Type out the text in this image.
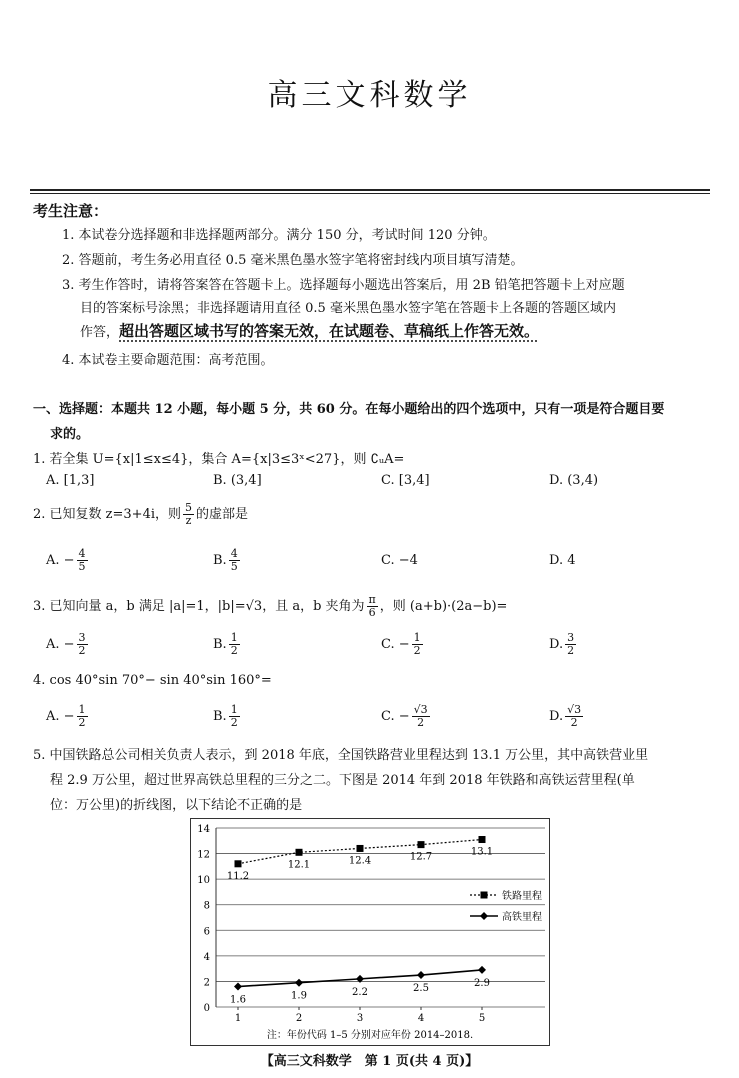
高三文科数学
考生注意：
1. 本试卷分选择题和非选择题两部分。满分 150 分，考试时间 120 分钟。
2. 答题前，考生务必用直径 0.5 毫米黑色墨水签字笔将密封线内项目填写清楚。
3. 考生作答时，请将答案答在答题卡上。选择题每小题选出答案后，用 2B 铅笔把答题卡上对应题
目的答案标号涂黑；非选择题请用直径 0.5 毫米黑色墨水签字笔在答题卡上各题的答题区域内
作答，超出答题区域书写的答案无效，在试题卷、草稿纸上作答无效。
4. 本试卷主要命题范围：高考范围。
一、选择题：本题共 12 小题，每小题 5 分，共 60 分。在每小题给出的四个选项中，只有一项是符合题目要
求的。
1. 若全集 U={x|1≤x≤4}，集合 A={x|3≤3ˣ<27}，则 ∁ᵤA=
A. [1,3]	B. (3,4]	C. [3,4]	D. (3,4)
2. 已知复数 z=3+4i，则 $\frac{5}{z}$ 的虚部是
A. − $\frac{4}{5}$	B. $\frac{4}{5}$	C. −4	D. 4
3. 已知向量 a，b 满足 |a|=1，|b|=√3，且 a，b 夹角为 $\frac{\pi}{6}$ ，则 (a+b)·(2a−b)=
A. − $\frac{3}{2}$	B. $\frac{1}{2}$	C. − $\frac{1}{2}$	D. $\frac{3}{2}$
4. cos 40°sin 70°− sin 40°sin 160°=
A. − $\frac{1}{2}$	B. $\frac{1}{2}$	C. − $\frac{√3}{2}$	D. $\frac{√3}{2}$
5. 中国铁路总公司相关负责人表示，到 2018 年底，全国铁路营业里程达到 13.1 万公里，其中高铁营业里
程 2.9 万公里，超过世界高铁总里程的三分之二。下图是 2014 年到 2018 年铁路和高铁运营里程(单
位：万公里)的折线图，以下结论不正确的是
0
2
4
6
8
10
12
14
1	2	3	4	5
11.2
12.1	12.4	12.7	13.1
1.6	1.9	2.2	2.5	2.9
铁路里程
高铁里程
注：年份代码 1–5 分别对应年份 2014–2018.
【高三文科数学　第 1 页(共 4 页)】
